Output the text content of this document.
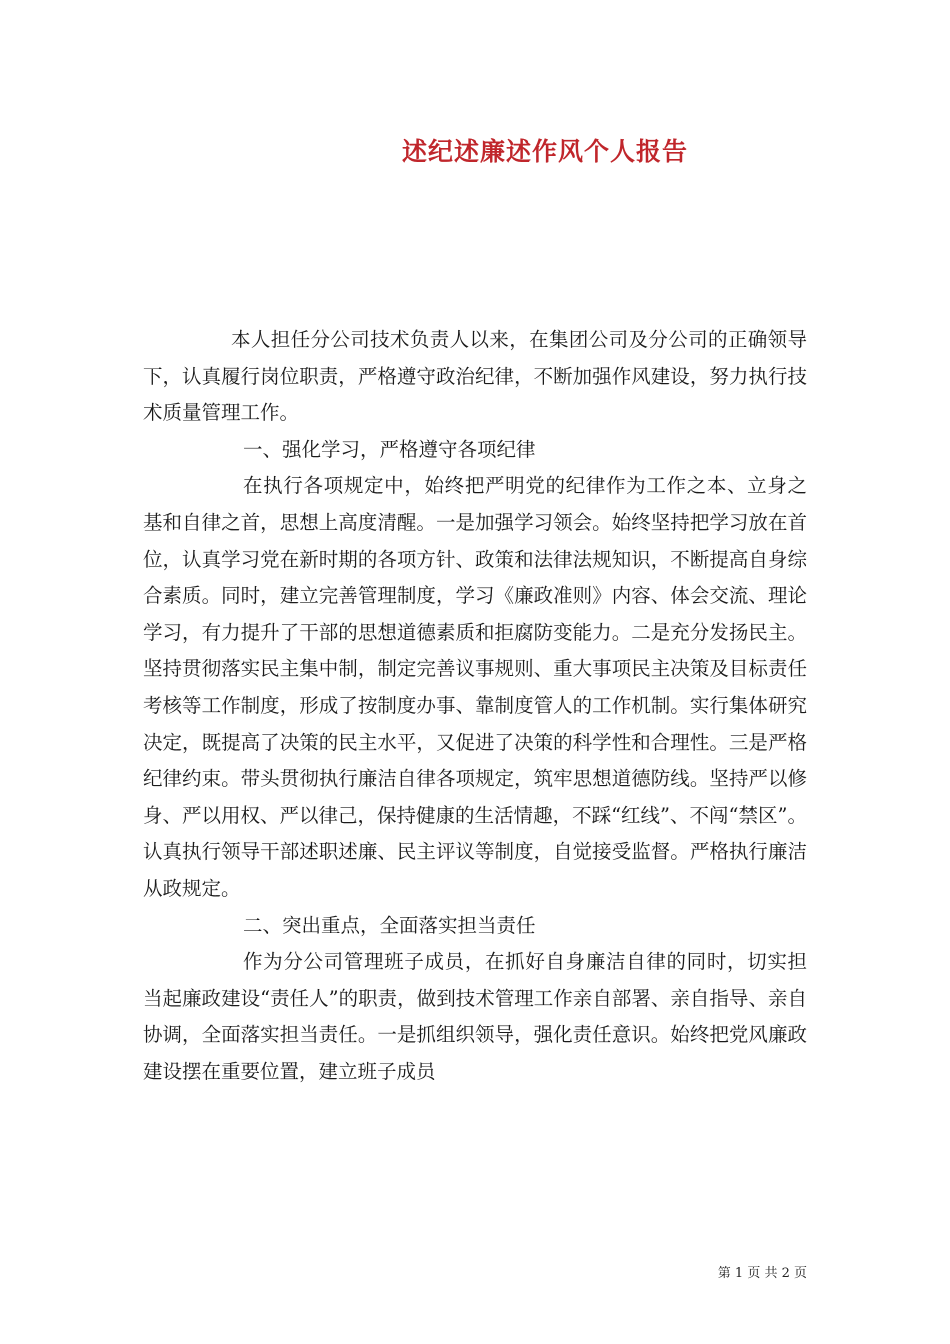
述纪述廉述作风个人报告

本人担任分公司技术负责人以来，在集团公司及分公司的正确领导下，认真履行岗位职责，严格遵守政治纪律，不断加强作风建设，努力执行技术质量管理工作。

一、强化学习，严格遵守各项纪律

在执行各项规定中，始终把严明党的纪律作为工作之本、立身之基和自律之首，思想上高度清醒。一是加强学习领会。始终坚持把学习放在首位，认真学习党在新时期的各项方针、政策和法律法规知识，不断提高自身综合素质。同时，建立完善管理制度，学习《廉政准则》内容、体会交流、理论学习，有力提升了干部的思想道德素质和拒腐防变能力。二是充分发扬民主。坚持贯彻落实民主集中制，制定完善议事规则、重大事项民主决策及目标责任考核等工作制度，形成了按制度办事、靠制度管人的工作机制。实行集体研究决定，既提高了决策的民主水平，又促进了决策的科学性和合理性。三是严格纪律约束。带头贯彻执行廉洁自律各项规定，筑牢思想道德防线。坚持严以修身、严以用权、严以律己，保持健康的生活情趣，不踩“红线”、不闯“禁区”。认真执行领导干部述职述廉、民主评议等制度，自觉接受监督。严格执行廉洁从政规定。

二、突出重点，全面落实担当责任

作为分公司管理班子成员，在抓好自身廉洁自律的同时，切实担当起廉政建设“责任人”的职责，做到技术管理工作亲自部署、亲自指导、亲自协调，全面落实担当责任。一是抓组织领导，强化责任意识。始终把党风廉政建设摆在重要位置，建立班子成员

第 1 页 共 2 页
